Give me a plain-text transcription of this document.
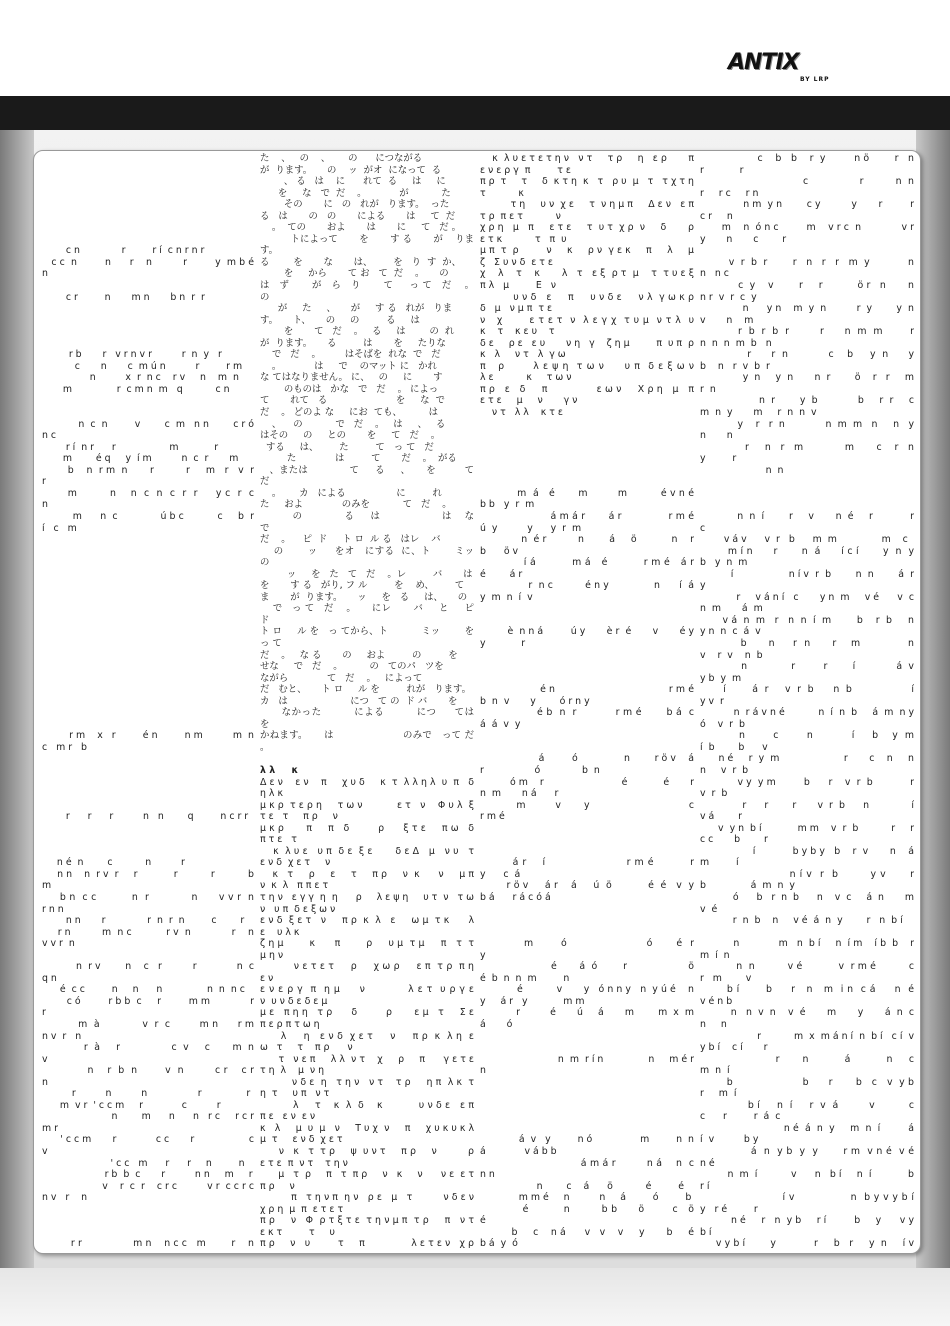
ANTIX
BY LRP

c n              r         r í  c n r n r

c c  n         n      r    n          r         y  m b é n

c r         n       m n       b n  r  r

r b       r   v r n v r          r  n  y   r

c       n       c  m ú n          r         r m

n          x  r  n c    r v     n    m  n

m               r  c m n  m   q           c n

n  c  n         v        c  m   n n        c r ó n c

r í  n r      r                  m            r

m        é q     y  í m          n  c  r       m

b    n  r m  n       r          r     m   r   v  r   r

m         n    n  c  n  c  r  r     y c  r  c        n

m      n  c              ú b c           c     b  r   í   c   m

r m    x   r         é n         n m          m  n  c   m r   b

r      r      r          n   n        q         n c r r

n é  n        c           n          r

n n    n  r v  r     r            r           r           b   m

b n  c c          n  r            n      v v r  n        r n n

n n       r              r  n  r  n         c        r

r n          m  n c           r v  n             r    n     v v r  n

n  r v        n    c   r          r             n  c         q n

é  c c         n     n      n               n  n  n c

c ó         r b b  c     r         m m             r         r

m  à             v  r  c         m n      r m       n v  r   n

r  à     r                c  v     c       m  n      v

n    r  b  n        v  n         c r    c r           n

r          n          n                 r               r

m  v r  ' c c m     r             c          r

n        m      n      n   r c     r c r     m r

' c c m       r             c c       r                  c  v

' c c   m      r      r     n         n

r b  b  c       r          n n     m     r

v    r  c  r    c r c          v r  c c r c        n v   r    n

r r                m n    n c c   m        r    n

た    、   の    、      の      につながる

が  ります。     の    ッ  がオ  になって  る

、 る   は    に      れて  る     は     に

を     な   で  だ    。           が           た

その       に   の   れが   ります。  った

る   は       の   の       による       は     て  だ

。  ての       およ       は       に     て   だ 。

トによって       を       す る       が    ります。

る        を       な       は、       を   り  す  か、

を     から       て お   て  だ    。     の

は   ず       が   ら   り       て     っ て   だ    。   の

が     た     、     が     す る   れが   りま

す。     ト、     の     の         る     は

を       て   だ    。   る     は        の  れ

が  ります。     る         は       を     たりな

で   だ    。        はそばを  れな  で   だ

。           は     で    のマット に   かれ

な てはなりません。 に、   の     に       す

のものは   かな   で   だ    。 によっ

て       れて   る                       を     な  で

だ    。 どのよ な     にお  ても、         は

、    の           で   だ    。   は     、   る

はその     の     との       を     て   だ    。

する     は、       た         て   っ て   だ

た             は         て       だ    。  がる

、または             て     る     、     を         て  だ

。      カ   による                 に         れ

た     およ             のみを           て   だ    。

の             る     は                   は    な   で

だ    。    ピ  ド     ト ロ  ル る   はレ    バ

の       ッ     をオ   にする  に、ト       ミッ      の

ッ     を   た   て   だ    。レ         バ       は

を       す る   がり, フ ル         を    め、       て

ま       が  ります。     ッ     を   る     は、     の

で   っ て   だ    。     にレ       バ     と     ピ   ド

ト ロ     ル を   っ てから、ト           ミッ        を     っ て

だ    。   な る       の     およ         の         を

せな     で   だ    。         の   てのパ   ツを

ながら             て   だ    。   によって

だ   むと、     ト ロ     ル を         れが   ります。

カ   は                     につ   て の  ド バ       を

なかった         による         につ     ては       を

かねます。     は                     のみで   って だ     。

λ λ     κ

Δ ε ν    ε ν    π     χ υ δ     κ  τ  λ λ η λ  υ  π   δ    η λ κ

μ κ ρ  τ ε ρ η     τ ω ν           ε τ   ν    Φ υ λ  ξ τ ε   τ     π ρ     ν

μ κ ρ       π     π   δ         ρ      ξ τ ε     π ω   δ   π τ ε   τ

κ  λ υ ε   υ π  δ ε  ξ ε       δ ε Δ   μ   ν υ   τ   ε ν δ  χ ε τ     ν

κ   τ     ρ     ε     τ     π ρ     ν  κ      ν     μ π ν  κ  λ   π π ε τ

τ η ν   ε γ γ  η  η      ρ     λ ε ψ η     υ τ  ν   τ ω ν   υ π  δ ε ξ ω ν

ε ν δ  ξ ε τ   ν     π ρ  κ  λ   ε     ω μ  τ κ      λ     ε    υ λ κ

ζ η μ        κ      π        ρ     υ μ  τ μ     π   τ  τ  μ η ν

ν ε τ ε τ     ρ     χ ω ρ     ε π  τ ρ  π η          ε ν

ε ν ε ρ γ  π  η μ     ν           λ ε τ  υ ρ γ ε          ν  υ ν δ ε δ ε μ

μ ε   π η η   τ ρ      δ         ρ       ε μ   τ     Σ ε   π ε ρ π τ ω η

λ     η   ε ν δ  χ ε τ     ν     π ρ  κ  λ η  ε        ω   τ     τ    π ρ      ν

τ   ν ε π     λ λ  ν τ    χ     ρ     π      γ ε τ ε  τ η  λ    μ  ν η

ν δ ε  η   τ η ν   ν τ    τ ρ     η π  λ κ  τ η  τ     υ π   ν τ

λ     τ    κ  λ  δ    κ           υ ν δ ε   ε π   π ε   ε ν  ε ν

κ   λ     μ  υ  μ   ν     Τ υ χ  ν     π     χ υ κ υ κ λ  μ  τ     ε ν δ  χ ε τ

ν   κ   τ  τ ρ     ψ  υ ν τ     π ρ     ν          ρ ε τ ε  π  ν τ    τ η ν

μ   τ  ρ     π   τ  π ρ     ν   κ     ν      ν ε  ε τ  π ρ     ν

π   τ η ν π  η ν   ρ ε   μ   τ          ν δ ε ν  χ ρ η  μ  π  ε τ ε τ

π ρ     ν   Φ  ρ τ ξ τ ε  τ η ν μ π  τ ρ     π   ν τ     ε κ τ         τ     υ

π ρ     ν   υ         τ     π               λ ε τ ε ν   χ ρ

κ  λ υ ε τ ε τ η ν   ν τ     τ ρ     η   ε ρ       π ε ν ε ρ γ  π         τ ε

π ρ  τ     τ     δ  κ τ η  κ   τ   ρ υ  μ   τ   τ χ τ η τ           κ

τ η     υ ν  χ ε     τ  ν η μ π     Δ ε ν   ε π  τ ρ  π ε τ           ν

χ ρ η   μ   π     ε τ ε     τ  υ τ  χ ρ  ν     δ       ρ ε τ κ           τ   π  υ

μ π  τ  ρ         ν     κ     ρ ν  γ ε κ     π     λ     μ     ζ   Σ υ ν δ  ε τ ε

χ    λ    τ    κ       λ   τ   ε ξ  ρ τ  μ    τ  τ υ ε ξ  π λ   μ         Ε   ν

υ ν δ   ε     π     υ ν δ ε     ν λ  γ ω κ ρ   δ   μ   ν μ π  τ ε

ν   χ       ε τ ε τ  ν  λ ε γ χ  τ υ μ  ν τ λ  υ         κ    τ    κ ε υ    τ

δ ε     ρ ε   ε υ       ν η   γ    ζ η μ         π  υ π  ρ κ   λ     ν τ   λ  γ ω

π   ρ       λ ε ψ η  τ ω ν     υ π  δ ε ξ ω ν                   λ ε           κ     τ ω ν

π ρ   ε   δ     π               ε ω ν     Χ ρ η   μ   π     ε τ ε     μ     ν       γ ν

ν τ   λ λ    κ τ ε

m  á   é       m         m          é v n é                  b b   y  r  m

á m á r       á r              r m é        ú  y          y      y  r  m

n  é r          n        á     ö           n    r     b      ö v

í á          m á   é          r m é   á r         é        á r

r  n c          é n y              n      í  á               y  m  n  í  v

è  n n á         ú y       è r  é       v       é y                         y            r

é n                                    r m é  b  n  v       y        ó r n y

é b  n  r           r m é       b á  c               á  á  v  y

á         ó               n        r ö v    á r                 ó              b  n

ó m    r                          é            é       r   n  m       n á      r

m         v       y                              c                     r m é

á r    í                    r m é         r                                     y      c  á

r ö v     á r    á     ú  ö           é  é   v  y           b á      r á c ó á

m       ó                    ó      é  r                  y

é       á  ó        r                   ö     é  b  n  n  m         n

é           v       y   ó n n y   n  y ú é    n y     á r   y            m m

r          é       ú     á       m        m  x  m á       ó

n  m  r í n               n     m é r n

á  v   y         n ó                m         n  n      á             v á b b

á m á r         n á    n  c        n n

n        c    á      ö           é         é

m m é     n          n     á         ó         b

é          n         b b      ö        c   ö        é

b     c    n á      v   v    v     y       b     é       b á  y  ó

c    b   b    r  y         n ö        r   n   r            r

c        r     n n                                            r     r c     r n

n m  y n        c y          y       r         r       c r     n

m    n  ó n c         m    v r c  n             v r  y       n       c        r

v  r  b  r        r   n   r   r   m  y            n           n   n c

c  y    v        r     r           ö r   n       n     n r  v  r  c  y

n      y n    m  y  n          r  y        y  n     v       n    m

r  b  r  b  r         r      n  m  m        r      n  n  n  m  b   n

r      r  n            c    b     y  n      y     b    n   r  v  b  r

y  n     y  n       n  r        ö    r   r     m             r  n

n  r        y  b             b     r  r     c    m  n  y       m     r  n  n  v

y    r   r  n             n  m  m   n     n   y    n       n

r     n   r   m             m       c    r   n   y         r

n  n

n  n  í        r     v       n  é     r            r              c

v á v      v  r   b      m  m               m    c

m í n      r       n  á      í c í       y  n  y      b   y  n  m

í                  n í v  r  b        n  n        á  r       y

r     v á n í   c       y n  m     v é      v  c  n  m       á  m

v á  n  m   r   n  n  í  m        b    r  b     n     y n  n  c  á  v

b      n     r  n      r    m             n          v    r  v    n  b

n              r         r        í             á  v   y b  y  m

í        á  r     v  r  b      n  b                  í     y v  r

n  r á v n é           n  í  n  b     á  m  n y       ó    v  r  b

n        c        n           í     b    y  m         í  b        b      v

n é     r  y  m                     r       c    n     n        n     v  r  b

v y  y m         b      r    v  r  b            r     v  r  b

r      r        r       v  r  b      n              í v á        r

v  y n  b í            m m    v  r  b           r     r  c c       b        r

í            b y b y   b    r  v       n    á  m         í

n í v  r  b        y v      r                      b               á  m  n  y

ó      b   r  n  b      n    v  c     á  n       m        v  é

r  n  b    n     v é  á  n  y        r   n  b í

n             m   n  b í     n  í m    í b  b    r    m  í  n

n  n          v é           v  r m é          c      r   m        v

b í       b     r   n   m  i n  c á     n  é          v é n b

n   n  v  n    v  é       m       y       á  n  c       n     n

r           m  x  m á n í  n  b í   c í  v y b í    c í       r

r       n           á           n     c         m  n  í

b                     b      r       b   c   v  y b           r     m  í

b í     n  í     r  v  á         v          c       c      r         r  á  c

n é  á  n  y     m  n  í         á       í  v          b y

á  n  y b  y  y       r m  v n é  v é            n é

n  m  í           v      n   b í     n  í            b  r í

í v               n  b y v y b í            y   r é         r

n é     r   n  y b     r í         b     y      v y b í

v y b í        y            r     b   r     y  n     í v
